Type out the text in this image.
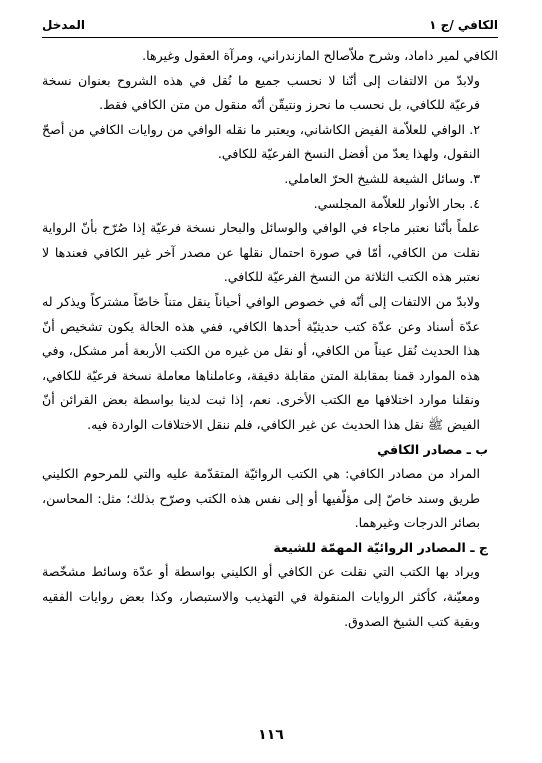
الكافي /ج ١
المدخل

الكافي لمير داماد، وشرح ملاّصالح المازندراني، ومرآة العقول وغيرها.

ولابدّ من الالتفات إلى أنّنا لا نحسب جميع ما نُقل في هذه الشروح بعنوان نسخة فرعيّة للكافي، بل نحسب ما نحرز ونتيقّن أنّه منقول من متن الكافي فقط.

٢. الوافي للعلاّمة الفيض الكاشاني، ويعتبر ما نقله الوافي من روايات الكافي من أصحّ النقول، ولهذا يعدّ من أفضل النسخ الفرعيّة للكافي.

٣. وسائل الشيعة للشيخ الحرّ العاملي.

٤. بحار الأنوار للعلاّمة المجلسي.

علماً بأنّنا نعتبر ماجاء في الوافي والوسائل والبحار نسخة فرعيّة إذا صُرّح بأنّ الرواية نقلت من الكافي، أمّا في صورة احتمال نقلها عن مصدر آخر غير الكافي فعندها لا نعتبر هذه الكتب الثلاثة من النسخ الفرعيّة للكافي.

ولابدّ من الالتفات إلى أنّه في خصوص الوافي أحياناً ينقل متناً خاصّاً مشتركاً ويذكر له عدّة أسناد وعن عدّة كتب حديثيّة أحدها الكافي، ففي هذه الحالة يكون تشخيص أنّ هذا الحديث نُقل عيناً من الكافي، أو نقل من غيره من الكتب الأربعة أمر مشكل، وفي هذه الموارد قمنا بمقابلة المتن مقابلة دقيقة، وعاملناها معاملة نسخة فرعيّة للكافي، ونقلنا موارد اختلافها مع الكتب الأخرى. نعم، إذا ثبت لدينا بواسطة بعض القرائن أنّ الفيض ﷺ نقل هذا الحديث عن غير الكافي، فلم ننقل الاختلافات الواردة فيه.

ب ـ مصادر الكافي

المراد من مصادر الكافي: هي الكتب الروائيّة المتقدّمة عليه والتي للمرحوم الكليني طريق وسند خاصّ إلى مؤلّفيها أو إلى نفس هذه الكتب وصرّح بذلك؛ مثل: المحاسن، بصائر الدرجات وغيرهما.

ج ـ المصادر الروائيّة المهمّة للشيعة

ويراد بها الكتب التي نقلت عن الكافي أو الكليني بواسطة أو عدّة وسائط مشخّصة ومعيّنة، كأكثر الروايات المنقولة في التهذيب والاستبصار، وكذا بعض روايات الفقيه وبقية كتب الشيخ الصدوق.

١١٦
